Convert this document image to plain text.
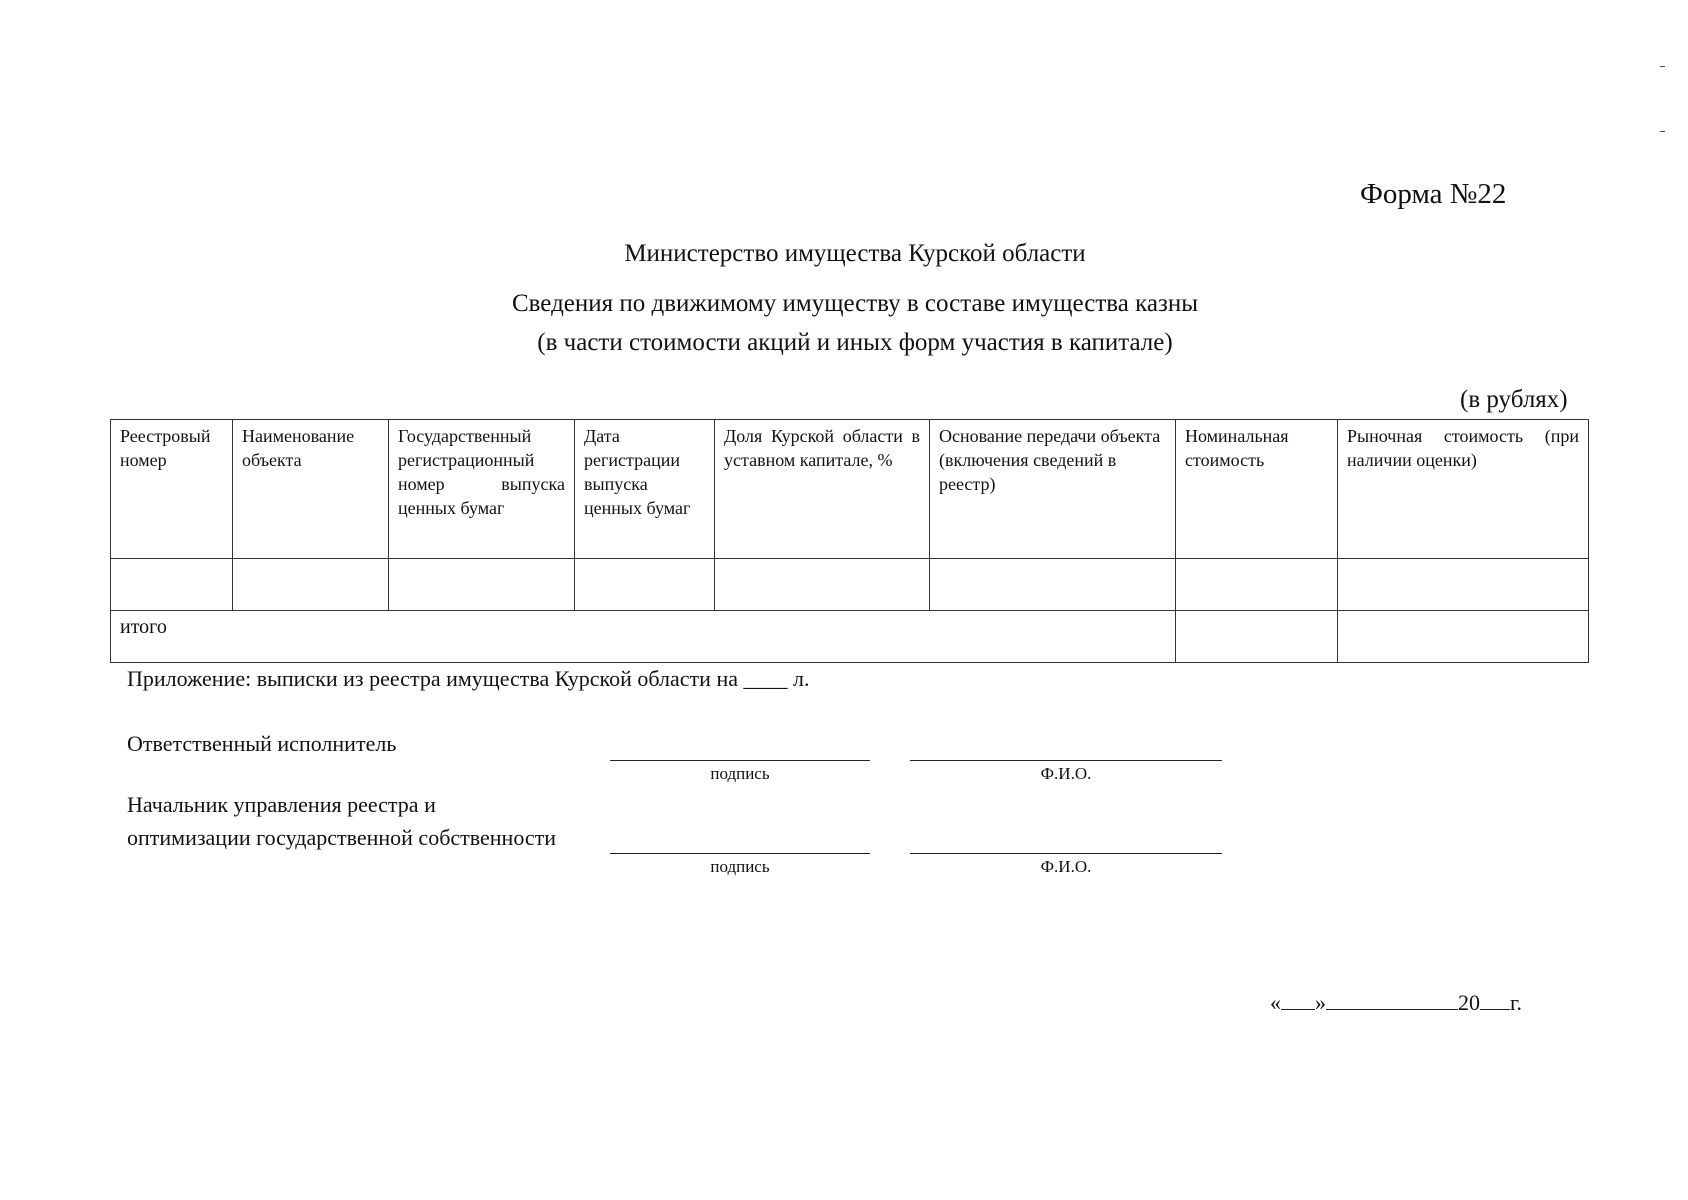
Форма №22
Министерство имущества Курской области
Сведения по движимому имуществу в составе имущества казны
(в части стоимости акций и иных форм участия в капитале)
(в рублях)
Реестровый номер	Наименование объекта	Государственный регистрационный номер выпуска ценных бумаг	Дата регистрации выпуска ценных бумаг	Доля Курской области в уставном капитале, %	Основание передачи объекта (включения сведений в реестр)	Номинальная стоимость	Рыночная стоимость (при наличии оценки)

итого							
Приложение: выписки из реестра имущества Курской области на ____ л.
Ответственный исполнитель
подпись	Ф.И.О.
Начальник управления реестра и
оптимизации государственной собственности
подпись	Ф.И.О.
« »	20 г.
